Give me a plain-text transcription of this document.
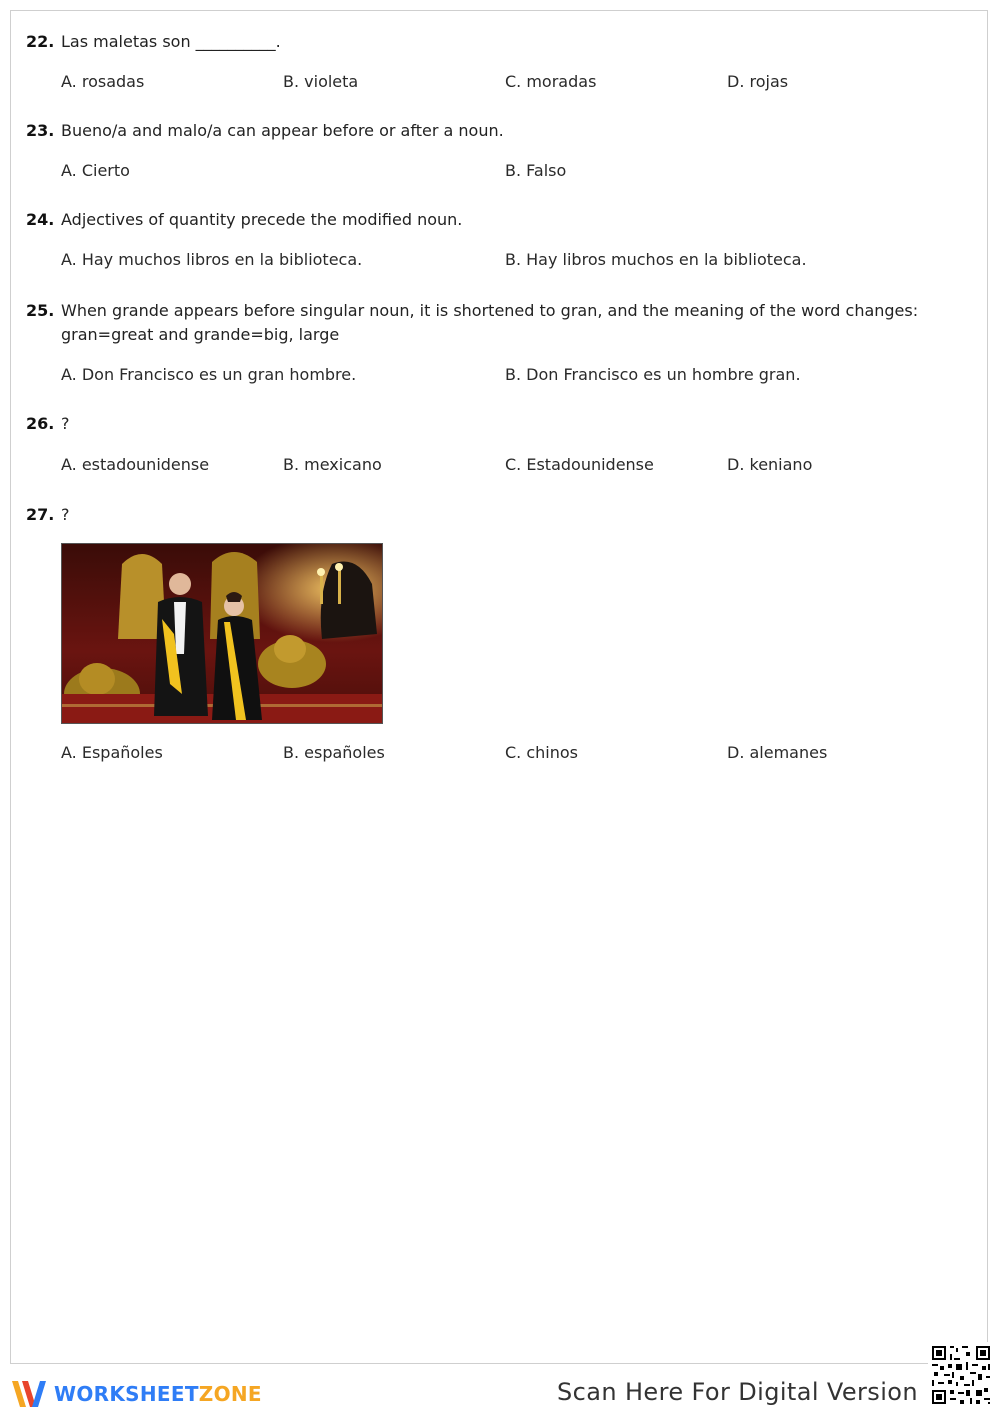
22. Las maletas son __________.
A. rosadas	B. violeta	C. moradas	D. rojas
23. Bueno/a and malo/a can appear before or after a noun.
A. Cierto	B. Falso
24. Adjectives of quantity precede the modified noun.
A. Hay muchos libros en la biblioteca.	B. Hay libros muchos en la biblioteca.
25. When grande appears before singular noun, it is shortened to gran, and the meaning of the word changes: gran=great and grande=big, large
A. Don Francisco es un gran hombre.	B. Don Francisco es un hombre gran.
26. ?
A. estadounidense	B. mexicano	C. Estadounidense	D. keniano
27. ?
A. Españoles	B. españoles	C. chinos	D. alemanes
WORKSHEETZONE	Scan Here For Digital Version
